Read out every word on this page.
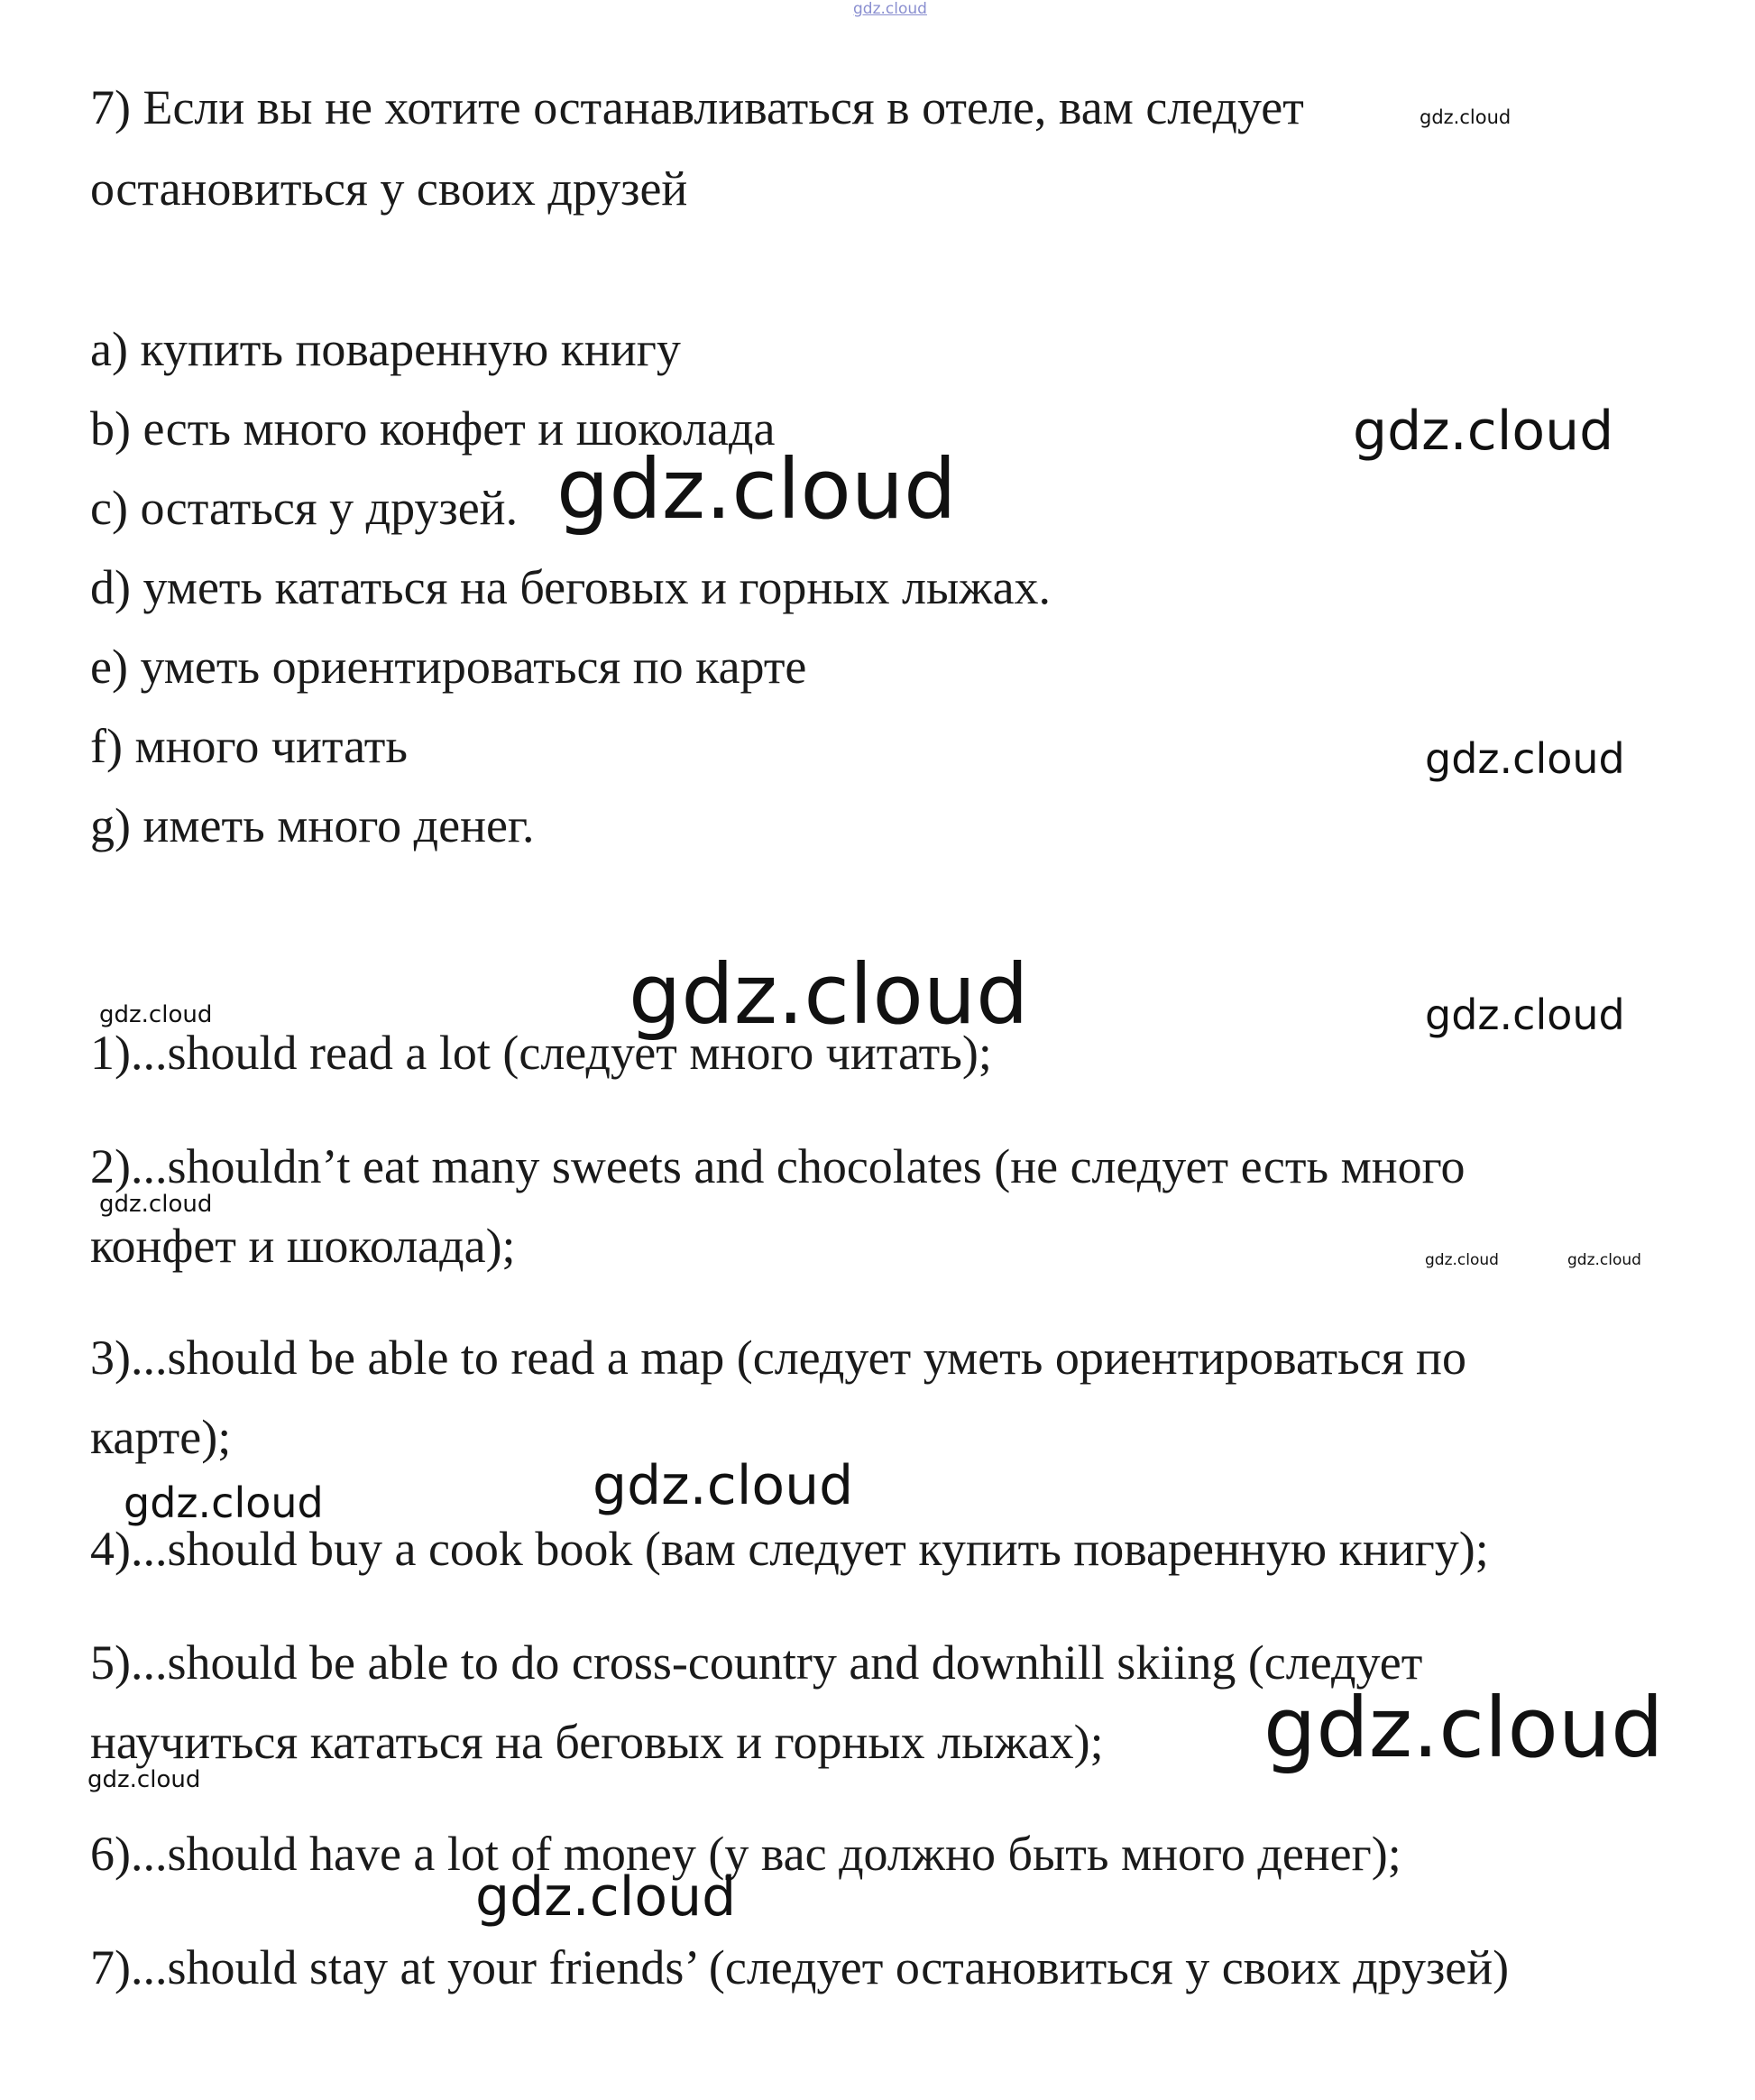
gdz.cloud

7) Если вы не хотите останавливаться в отеле, вам следует

остановиться у своих друзей

a) купить поваренную книгу

b) есть много конфет и шоколада

c) остаться у друзей.

d) уметь кататься на беговых и горных лыжах.

e) уметь ориентироваться по карте

f) много читать

g) иметь много денег.

1)...should read a lot (следует много читать);

2)...shouldn’t eat many sweets and chocolates (не следует есть много

конфет и шоколада);

3)...should be able to read a map (следует уметь ориентироваться по

карте);

4)...should buy a cook book (вам следует купить поваренную книгу);

5)...should be able to do cross-country and downhill skiing (следует

научиться кататься на беговых и горных лыжах);

6)...should have a lot of money (у вас должно быть много денег);

7)...should stay at your friends’ (следует остановиться у своих друзей)

gdz.cloud
gdz.cloud
gdz.cloud
gdz.cloud
gdz.cloud	gdz.cloud
gdz.cloud
gdz.cloud
gdz.cloud	gdz.cloud
gdz.cloud	gdz.cloud
gdz.cloud
gdz.cloud
gdz.cloud
